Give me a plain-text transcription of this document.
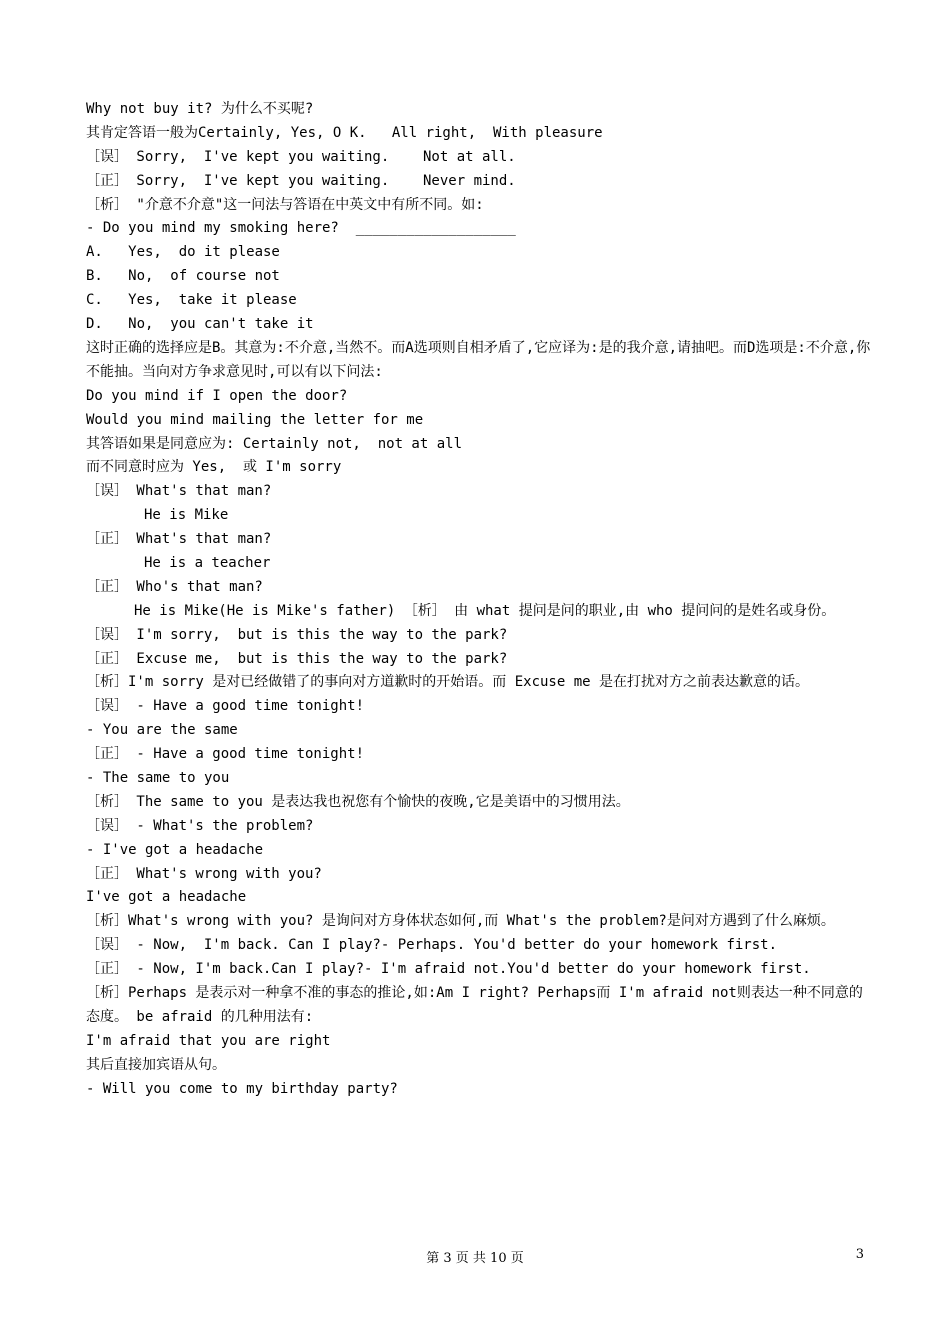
Why not buy it? 为什么不买呢?
其肯定答语一般为Certainly, Yes, O K.   All right,  With pleasure
［误］ Sorry,  I've kept you waiting.    Not at all.
［正］ Sorry,  I've kept you waiting.    Never mind.
［析］ "介意不介意"这一问法与答语在中英文中有所不同。如:
- Do you mind my smoking here?  ___________________
A.   Yes,  do it please
B.   No,  of course not
C.   Yes,  take it please
D.   No,  you can't take it
这时正确的选择应是B。其意为:不介意,当然不。而A选项则自相矛盾了,它应译为:是的我介意,请抽吧。而D选项是:不介意,你不能抽。当向对方争求意见时,可以有以下问法:
Do you mind if I open the door?
Would you mind mailing the letter for me
其答语如果是同意应为: Certainly not,  not at all
而不同意时应为 Yes,  或 I'm sorry
［误］ What's that man?
He is Mike
［正］ What's that man?
He is a teacher
［正］ Who's that man?
He is Mike(He is Mike's father) ［析］ 由 what 提问是问的职业,由 who 提问问的是姓名或身份。
［误］ I'm sorry,  but is this the way to the park?
［正］ Excuse me,  but is this the way to the park?
［析］I'm sorry 是对已经做错了的事向对方道歉时的开始语。而 Excuse me 是在打扰对方之前表达歉意的话。
［误］ - Have a good time tonight!
- You are the same
［正］ - Have a good time tonight!
- The same to you
［析］ The same to you 是表达我也祝您有个愉快的夜晚,它是美语中的习惯用法。
［误］ - What's the problem?
- I've got a headache
［正］ What's wrong with you?
I've got a headache
［析］What's wrong with you? 是询问对方身体状态如何,而 What's the problem?是问对方遇到了什么麻烦。
［误］ - Now,  I'm back. Can I play?- Perhaps. You'd better do your homework first.
［正］ - Now, I'm back.Can I play?- I'm afraid not.You'd better do your homework first.
［析］Perhaps 是表示对一种拿不准的事态的推论,如:Am I right? Perhaps而 I'm afraid not则表达一种不同意的态度。 be afraid 的几种用法有:
I'm afraid that you are right
其后直接加宾语从句。
- Will you come to my birthday party?
第 3 页 共 10 页	3
